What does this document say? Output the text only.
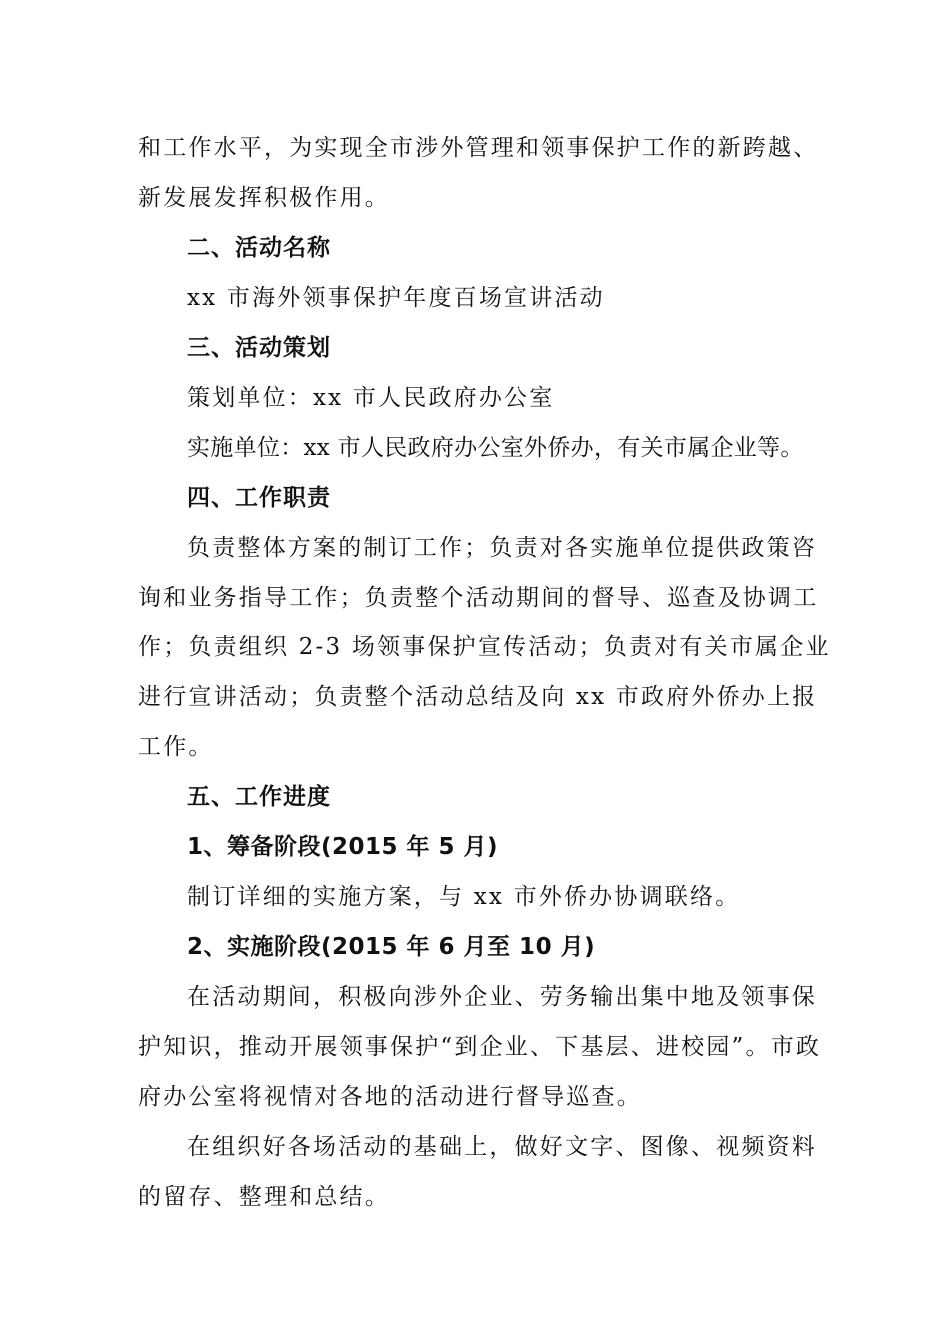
和工作水平，为实现全市涉外管理和领事保护工作的新跨越、
新发展发挥积极作用。
二、活动名称
xx 市海外领事保护年度百场宣讲活动
三、活动策划
策划单位：xx 市人民政府办公室
实施单位：xx 市人民政府办公室外侨办，有关市属企业等。
四、工作职责
负责整体方案的制订工作；负责对各实施单位提供政策咨
询和业务指导工作；负责整个活动期间的督导、巡查及协调工
作；负责组织 2-3 场领事保护宣传活动；负责对有关市属企业
进行宣讲活动；负责整个活动总结及向 xx 市政府外侨办上报
工作。
五、工作进度
1、筹备阶段(2015 年 5 月)
制订详细的实施方案，与 xx 市外侨办协调联络。
2、实施阶段(2015 年 6 月至 10 月)
在活动期间，积极向涉外企业、劳务输出集中地及领事保
护知识，推动开展领事保护“到企业、下基层、进校园”。市政
府办公室将视情对各地的活动进行督导巡查。
在组织好各场活动的基础上，做好文字、图像、视频资料
的留存、整理和总结。
